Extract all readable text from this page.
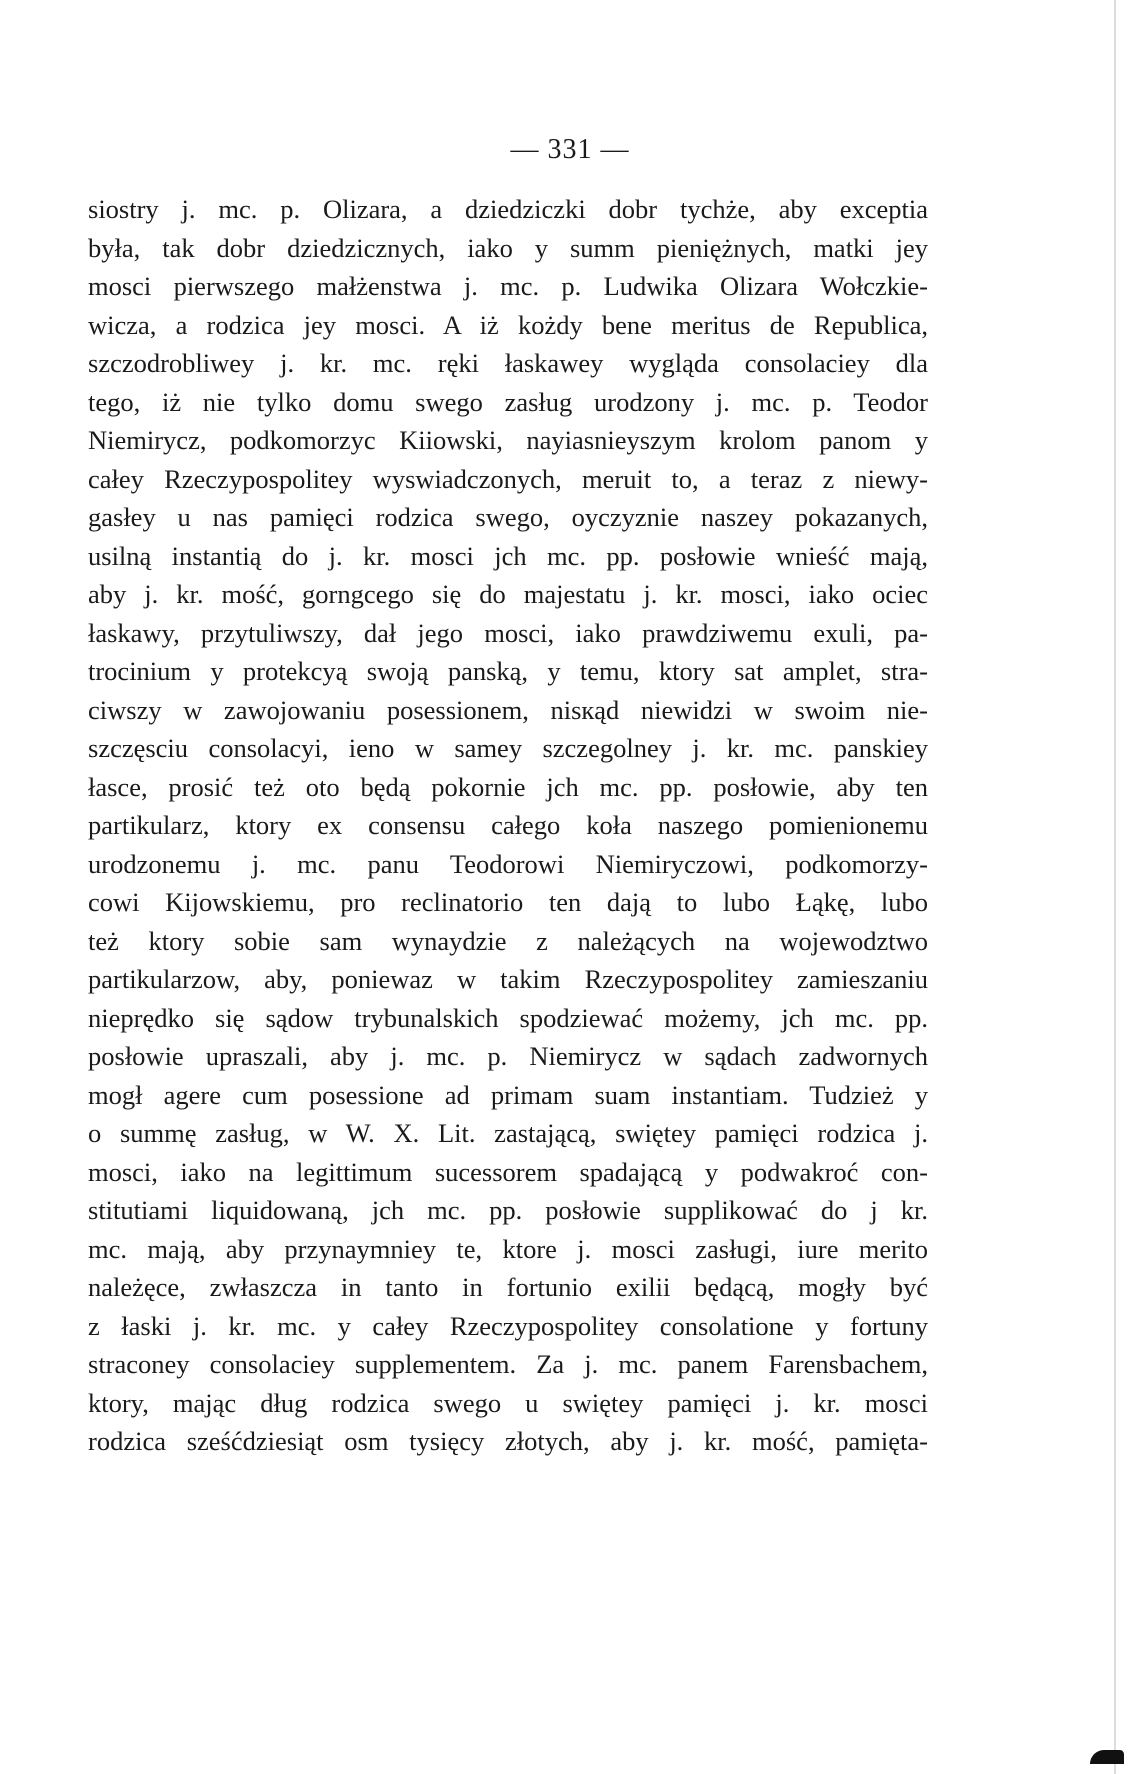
— 331 —
siostry j. mc. p. Olizara, a dziedziczki dobr tychże, aby exceptia
była, tak dobr dziedzicznych, iako y summ pieniężnych, matki jey
mosci pierwszego małżenstwa j. mc. p. Ludwika Olizara Wołczkie-
wicza, a rodzica jey mosci. A iż kożdy bene meritus de Republica,
szczodrobliwey j. kr. mc. ręki łaskawey wygląda consolaciey dla
tego, iż nie tylko domu swego zasług urodzony j. mc. p. Teodor
Niemirycz, podkomorzyc Kiiowski, nayiasnieyszym krolom panom y
całey Rzeczypospolitey wyswiadczonych, meruit to, a teraz z niewy-
gasłey u nas pamięci rodzica swego, oyczyznie naszey pokazanych,
usilną instantią do j. kr. mosci jch mc. pp. posłowie wnieść mają,
aby j. kr. mość, gorngcego się do majestatu j. kr. mosci, iako ociec
łaskawy, przytuliwszy, dał jego mosci, iako prawdziwemu exuli, pa-
trocinium y protekcyą swoją panską, y temu, ktory sat amplet, stra-
ciwszy w zawojowaniu posessionem, nisкąd niewidzi w swoim nie-
szczęsciu consolacyi, ieno w samey szczegolney j. kr. mc. panskiey
łasce, prosić też oto będą pokornie jch mc. pp. posłowie, aby ten
partikularz, ktory ex consensu całego koła naszego pomienionemu
urodzonemu j. mc. panu Teodorowi Niemiryczowi, podkomorzy-
cowi Kijowskiemu, pro reclinatorio ten dają to lubo Łąkę, lubo
też ktory sobie sam wynaydzie z należących na wojewodztwo
partikularzow, aby, poniewaz w takim Rzeczypospolitey zamieszaniu
nieprędko się sądow trybunalskich spodziewać możemy, jch mc. pp.
posłowie upraszali, aby j. mc. p. Niemirycz w sądach zadwornych
mogł agere cum posessione ad primam suam instantiam. Tudzież y
o summę zasług, w W. X. Lit. zastającą, swiętey pamięci rodzica j.
mosci, iako na legittimum sucessorem spadającą y podwakroć con-
stitutiami liquidowaną, jch mc. pp. posłowie supplikować do j kr.
mc. mają, aby przynaymniey te, ktore j. mosci zasługi, iure merito
należęce, zwłaszcza in tanto in fortunio exilii będącą, mogły być
z łaski j. kr. mc. y całey Rzeczypospolitey consolatione y fortuny
straconey consolaciey supplementem. Za j. mc. panem Farensbachem,
ktory, mając dług rodzica swego u swiętey pamięci j. kr. mosci
rodzica sześćdziesiąt osm tysięcy złotych, aby j. kr. mość, pamięta-
